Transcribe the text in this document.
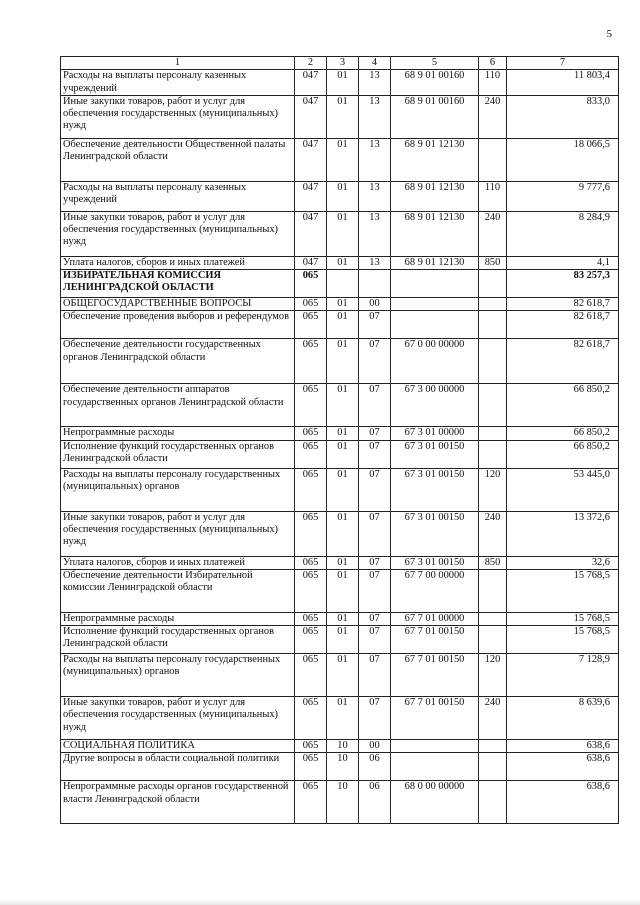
5
1	2	3	4	5	6	7
Расходы на выплаты персоналу казенных учреждений	047	01	13	68 9 01 00160	110	11 803,4
Иные закупки товаров, работ и услуг для обеспечения государственных (муниципальных) нужд	047	01	13	68 9 01 00160	240	833,0
Обеспечение деятельности Общественной палаты Ленинградской области	047	01	13	68 9 01 12130		18 066,5
Расходы на выплаты персоналу казенных учреждений	047	01	13	68 9 01 12130	110	9 777,6
Иные закупки товаров, работ и услуг для обеспечения государственных (муниципальных) нужд	047	01	13	68 9 01 12130	240	8 284,9
Уплата налогов, сборов и иных платежей	047	01	13	68 9 01 12130	850	4,1
ИЗБИРАТЕЛЬНАЯ КОМИССИЯ ЛЕНИНГРАДСКОЙ ОБЛАСТИ	065					83 257,3
ОБЩЕГОСУДАРСТВЕННЫЕ ВОПРОСЫ	065	01	00			82 618,7
Обеспечение проведения выборов и референдумов	065	01	07			82 618,7
Обеспечение деятельности государственных органов Ленинградской области	065	01	07	67 0 00 00000		82 618,7
Обеспечение деятельности аппаратов государственных органов Ленинградской области	065	01	07	67 3 00 00000		66 850,2
Непрограммные расходы	065	01	07	67 3 01 00000		66 850,2
Исполнение функций государственных органов Ленинградской области	065	01	07	67 3 01 00150		66 850,2
Расходы на выплаты персоналу государственных (муниципальных) органов	065	01	07	67 3 01 00150	120	53 445,0
Иные закупки товаров, работ и услуг для обеспечения государственных (муниципальных) нужд	065	01	07	67 3 01 00150	240	13 372,6
Уплата налогов, сборов и иных платежей	065	01	07	67 3 01 00150	850	32,6
Обеспечение деятельности Избирательной комиссии Ленинградской области	065	01	07	67 7 00 00000		15 768,5
Непрограммные расходы	065	01	07	67 7 01 00000		15 768,5
Исполнение функций государственных органов Ленинградской области	065	01	07	67 7 01 00150		15 768,5
Расходы на выплаты персоналу государственных (муниципальных) органов	065	01	07	67 7 01 00150	120	7 128,9
Иные закупки товаров, работ и услуг для обеспечения государственных (муниципальных) нужд	065	01	07	67 7 01 00150	240	8 639,6
СОЦИАЛЬНАЯ ПОЛИТИКА	065	10	00			638,6
Другие вопросы в области социальной политики	065	10	06			638,6
Непрограммные расходы органов государственной власти Ленинградской области	065	10	06	68 0 00 00000		638,6
